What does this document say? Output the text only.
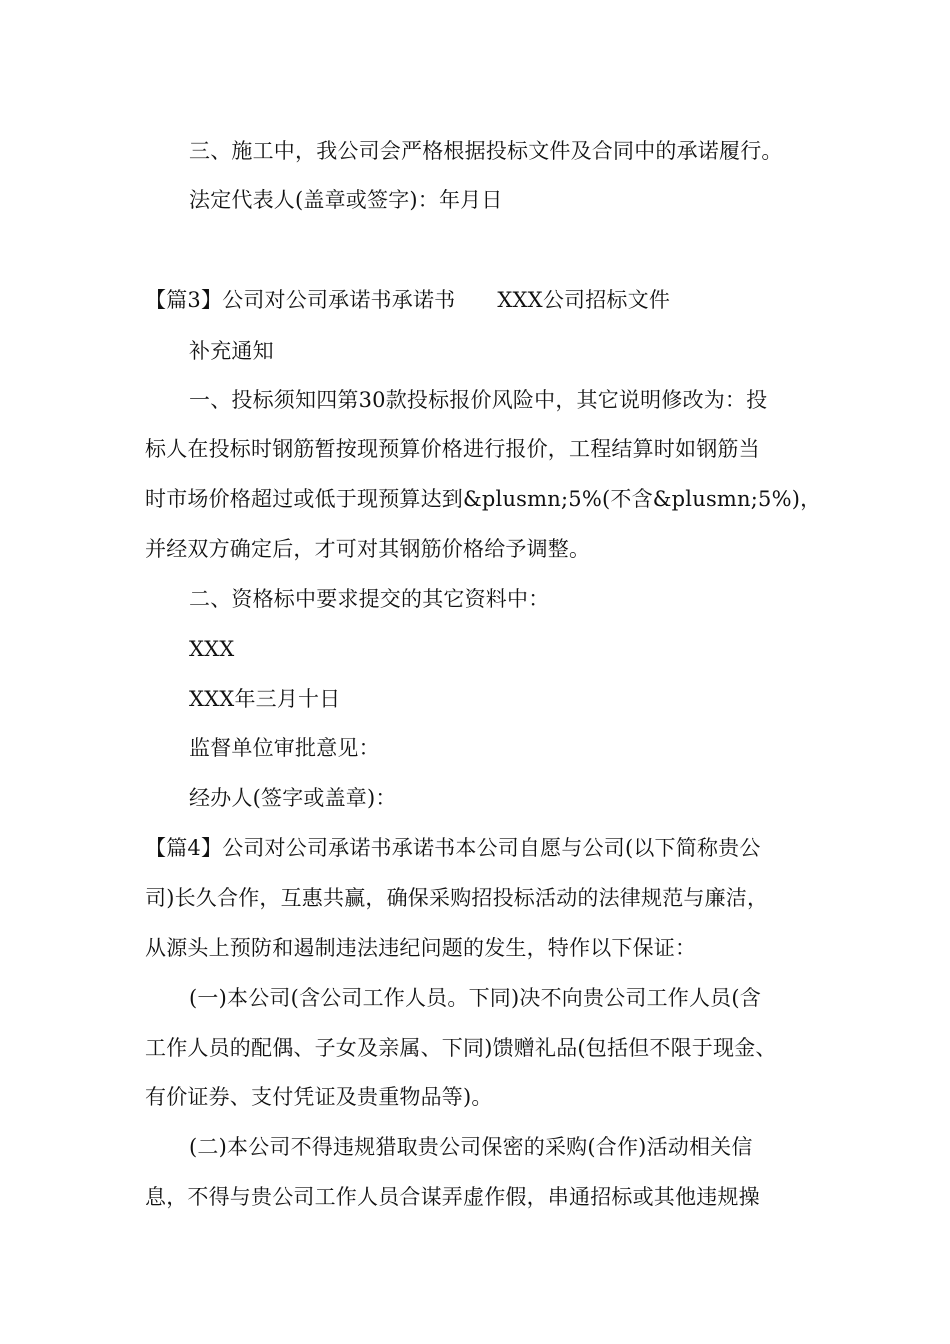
三、施工中，我公司会严格根据投标文件及合同中的承诺履行。
法定代表人(盖章或签字)：年月日
【篇3】公司对公司承诺书承诺书 XXX公司招标文件
补充通知
一、投标须知四第30款投标报价风险中，其它说明修改为：投
标人在投标时钢筋暂按现预算价格进行报价，工程结算时如钢筋当
时市场价格超过或低于现预算达到&plusmn;5%(不含&plusmn;5%)，
并经双方确定后，才可对其钢筋价格给予调整。
二、资格标中要求提交的其它资料中：
XXX
XXX年三月十日
监督单位审批意见：
经办人(签字或盖章)：
【篇4】公司对公司承诺书承诺书本公司自愿与公司(以下简称贵公
司)长久合作，互惠共赢，确保采购招投标活动的法律规范与廉洁，
从源头上预防和遏制违法违纪问题的发生，特作以下保证：
(一)本公司(含公司工作人员。下同)决不向贵公司工作人员(含
工作人员的配偶、子女及亲属、下同)馈赠礼品(包括但不限于现金、
有价证券、支付凭证及贵重物品等)。
(二)本公司不得违规猎取贵公司保密的采购(合作)活动相关信
息，不得与贵公司工作人员合谋弄虚作假，串通招标或其他违规操
